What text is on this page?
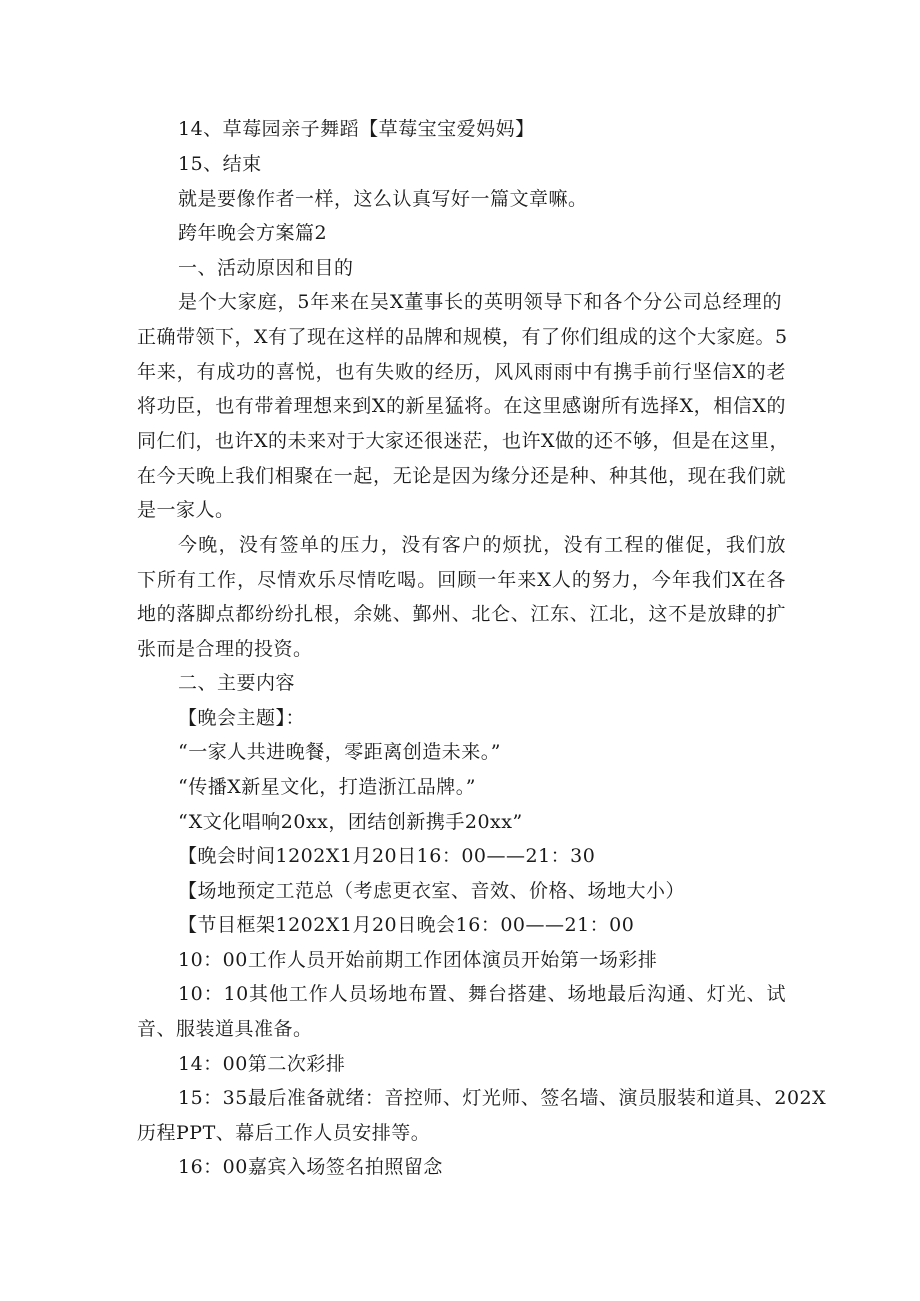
14、草莓园亲子舞蹈【草莓宝宝爱妈妈】
15、结束
就是要像作者一样，这么认真写好一篇文章嘛。
跨年晚会方案篇2
一、活动原因和目的
是个大家庭，5年来在吴X董事长的英明领导下和各个分公司总经理的
正确带领下，X有了现在这样的品牌和规模，有了你们组成的这个大家庭。5
年来，有成功的喜悦，也有失败的经历，风风雨雨中有携手前行坚信X的老
将功臣，也有带着理想来到X的新星猛将。在这里感谢所有选择X，相信X的
同仁们，也许X的未来对于大家还很迷茫，也许X做的还不够，但是在这里，
在今天晚上我们相聚在一起，无论是因为缘分还是种、种其他，现在我们就
是一家人。
今晚，没有签单的压力，没有客户的烦扰，没有工程的催促，我们放
下所有工作，尽情欢乐尽情吃喝。回顾一年来X人的努力，今年我们X在各
地的落脚点都纷纷扎根，余姚、鄞州、北仑、江东、江北，这不是放肆的扩
张而是合理的投资。
二、主要内容
【晚会主题】：
“一家人共进晚餐，零距离创造未来。”
“传播X新星文化，打造浙江品牌。”
“X文化唱响20xx，团结创新携手20xx”
【晚会时间1202X1月20日16：00——21：30
【场地预定工范总（考虑更衣室、音效、价格、场地大小）
【节目框架1202X1月20日晚会16：00——21：00
10：00工作人员开始前期工作团体演员开始第一场彩排
10：10其他工作人员场地布置、舞台搭建、场地最后沟通、灯光、试
音、服装道具准备。
14：00第二次彩排
15：35最后准备就绪：音控师、灯光师、签名墙、演员服装和道具、202X
历程PPT、幕后工作人员安排等。
16：00嘉宾入场签名拍照留念
